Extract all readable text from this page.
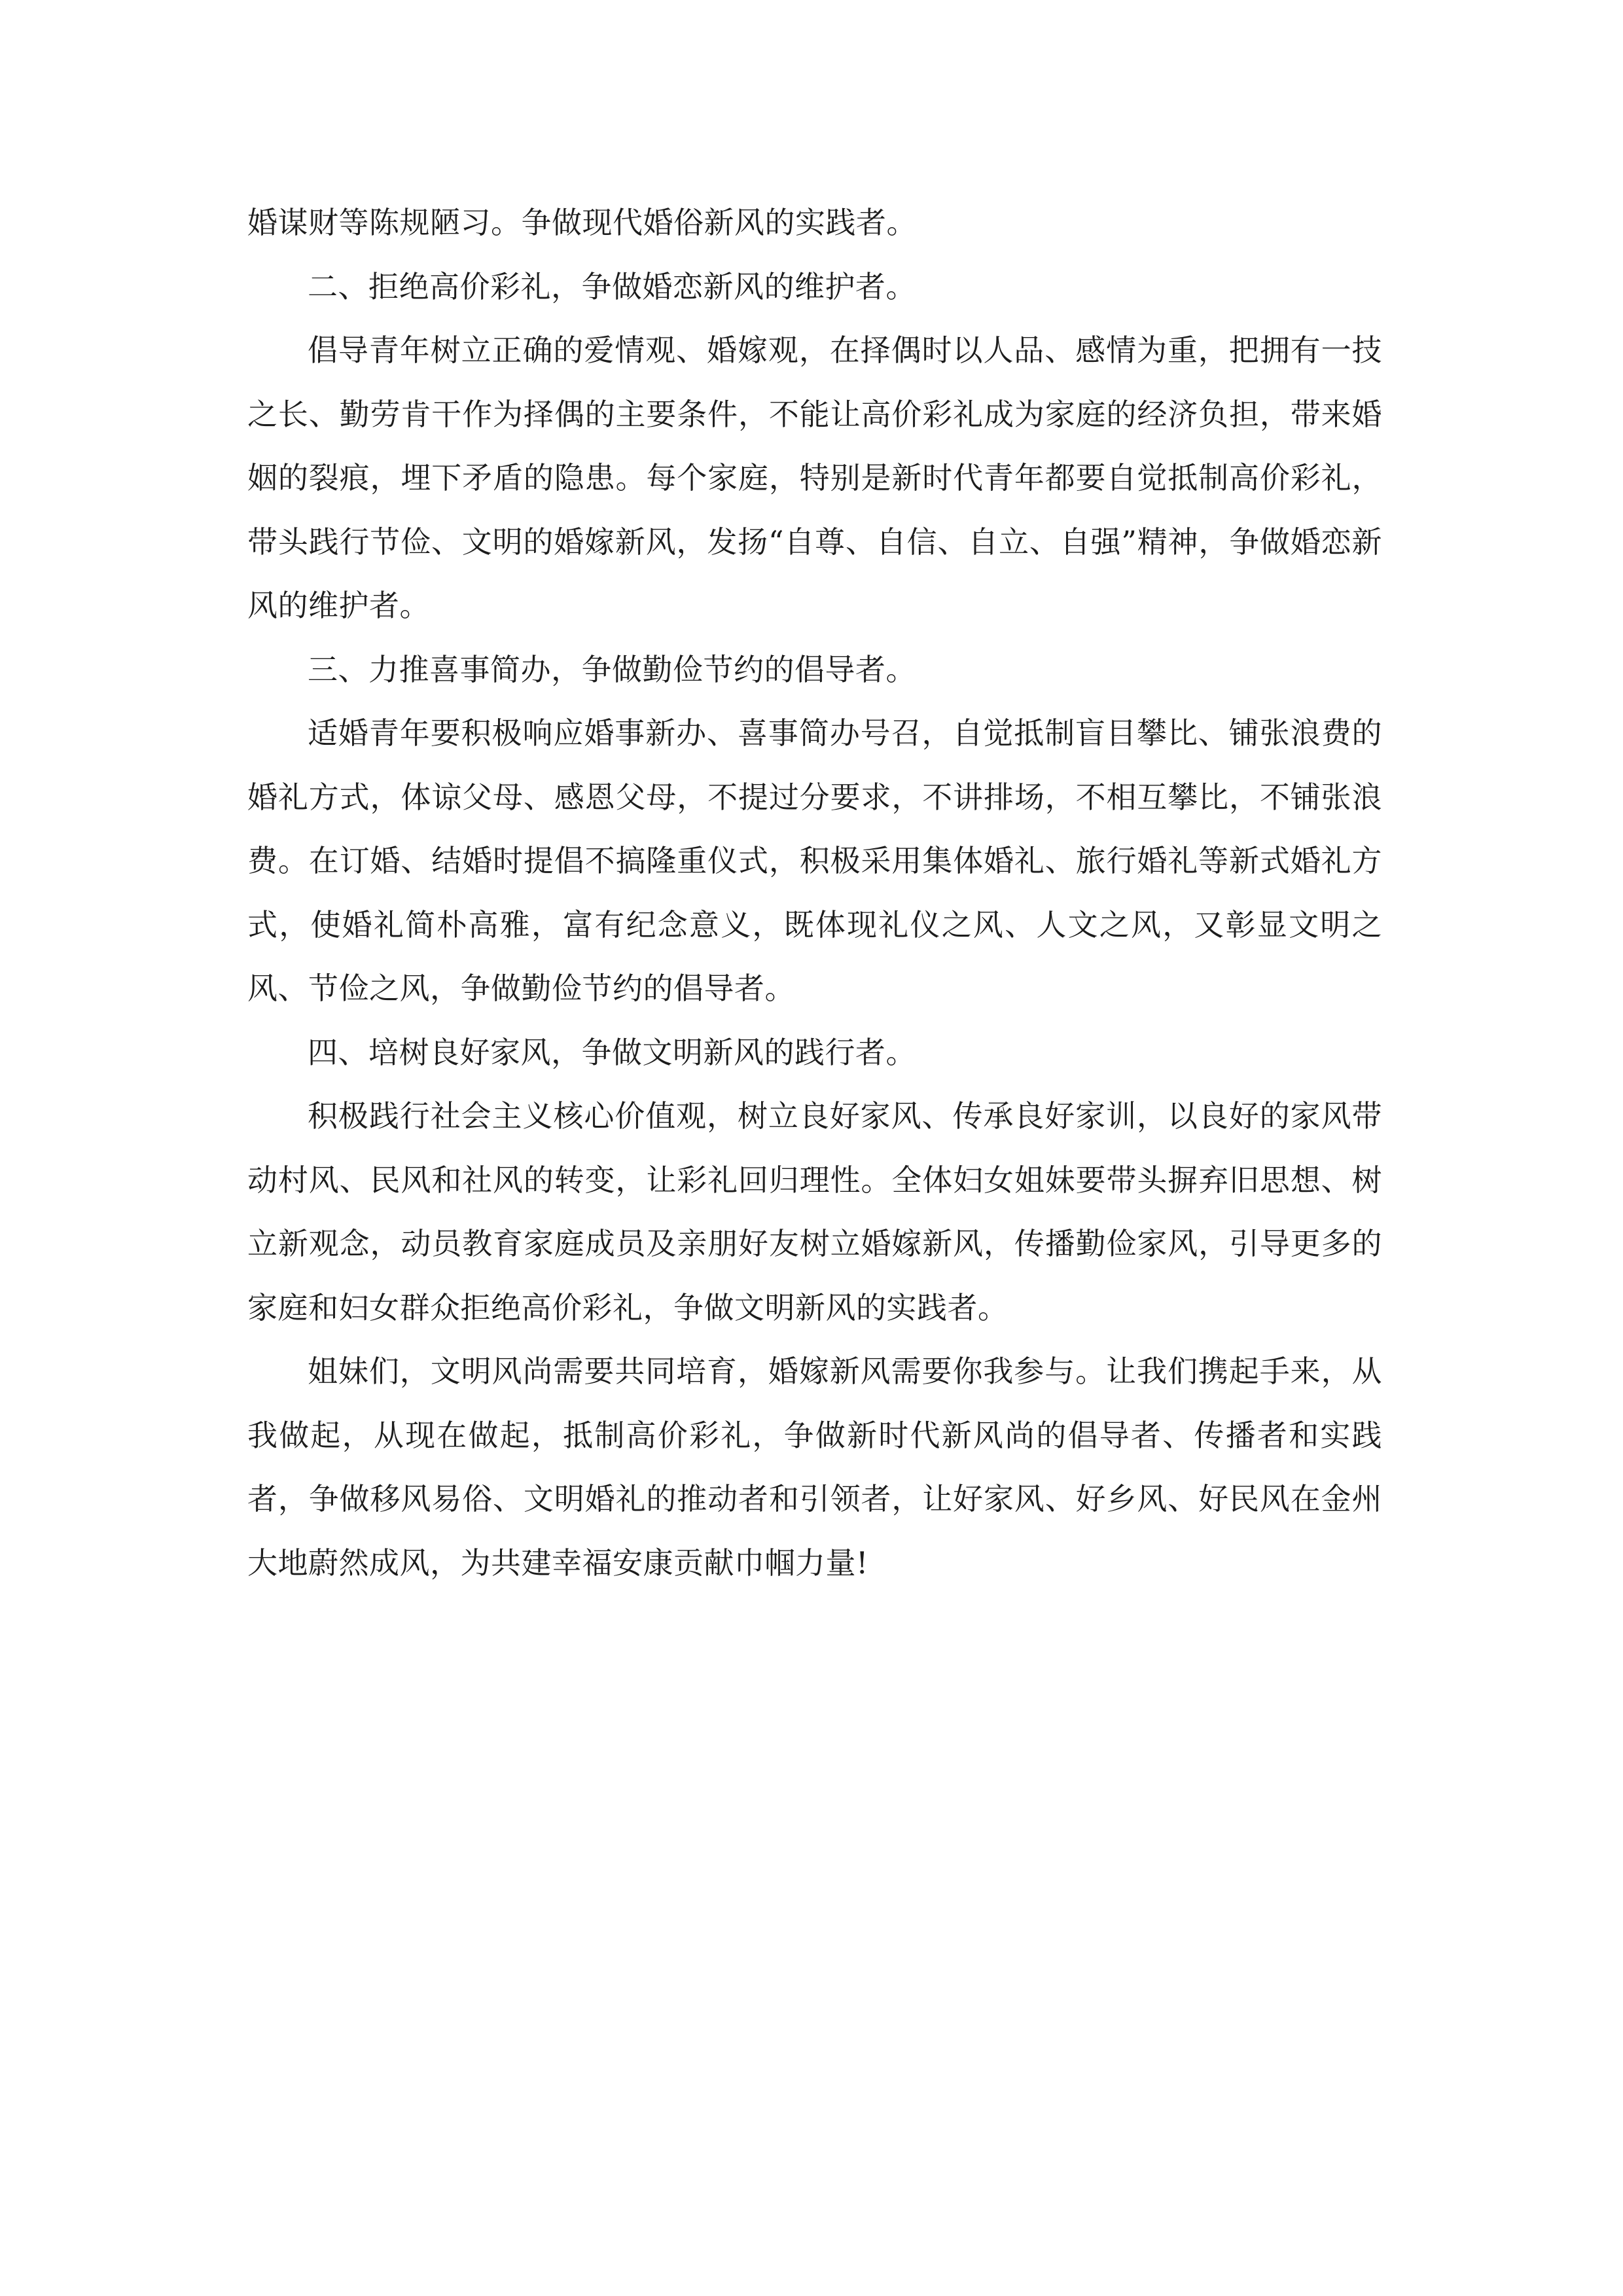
婚谋财等陈规陋习。争做现代婚俗新风的实践者。

二、拒绝高价彩礼，争做婚恋新风的维护者。

倡导青年树立正确的爱情观、婚嫁观，在择偶时以人品、感情为重，把拥有一技之长、勤劳肯干作为择偶的主要条件，不能让高价彩礼成为家庭的经济负担，带来婚姻的裂痕，埋下矛盾的隐患。每个家庭，特别是新时代青年都要自觉抵制高价彩礼，带头践行节俭、文明的婚嫁新风，发扬“自尊、自信、自立、自强”精神，争做婚恋新风的维护者。

三、力推喜事简办，争做勤俭节约的倡导者。

适婚青年要积极响应婚事新办、喜事简办号召，自觉抵制盲目攀比、铺张浪费的婚礼方式，体谅父母、感恩父母，不提过分要求，不讲排场，不相互攀比，不铺张浪费。在订婚、结婚时提倡不搞隆重仪式，积极采用集体婚礼、旅行婚礼等新式婚礼方式，使婚礼简朴高雅，富有纪念意义，既体现礼仪之风、人文之风，又彰显文明之风、节俭之风，争做勤俭节约的倡导者。

四、培树良好家风，争做文明新风的践行者。

积极践行社会主义核心价值观，树立良好家风、传承良好家训，以良好的家风带动村风、民风和社风的转变，让彩礼回归理性。全体妇女姐妹要带头摒弃旧思想、树立新观念，动员教育家庭成员及亲朋好友树立婚嫁新风，传播勤俭家风，引导更多的家庭和妇女群众拒绝高价彩礼，争做文明新风的实践者。

姐妹们，文明风尚需要共同培育，婚嫁新风需要你我参与。让我们携起手来，从我做起，从现在做起，抵制高价彩礼，争做新时代新风尚的倡导者、传播者和实践者，争做移风易俗、文明婚礼的推动者和引领者，让好家风、好乡风、好民风在金州大地蔚然成风，为共建幸福安康贡献巾帼力量!
